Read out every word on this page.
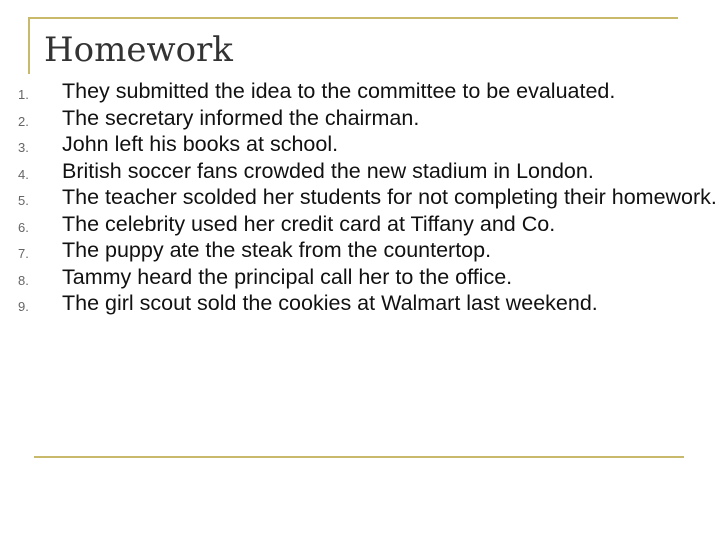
Homework
1. They submitted the idea to the committee to be evaluated.
2. The secretary informed the chairman.
3. John left his books at school.
4. British soccer fans crowded the new stadium in London.
5. The teacher scolded her students for not completing their homework.
6. The celebrity used her credit card at Tiffany and Co.
7. The puppy ate the steak from the countertop.
8. Tammy heard the principal call her to the office.
9. The girl scout sold the cookies at Walmart last weekend.
